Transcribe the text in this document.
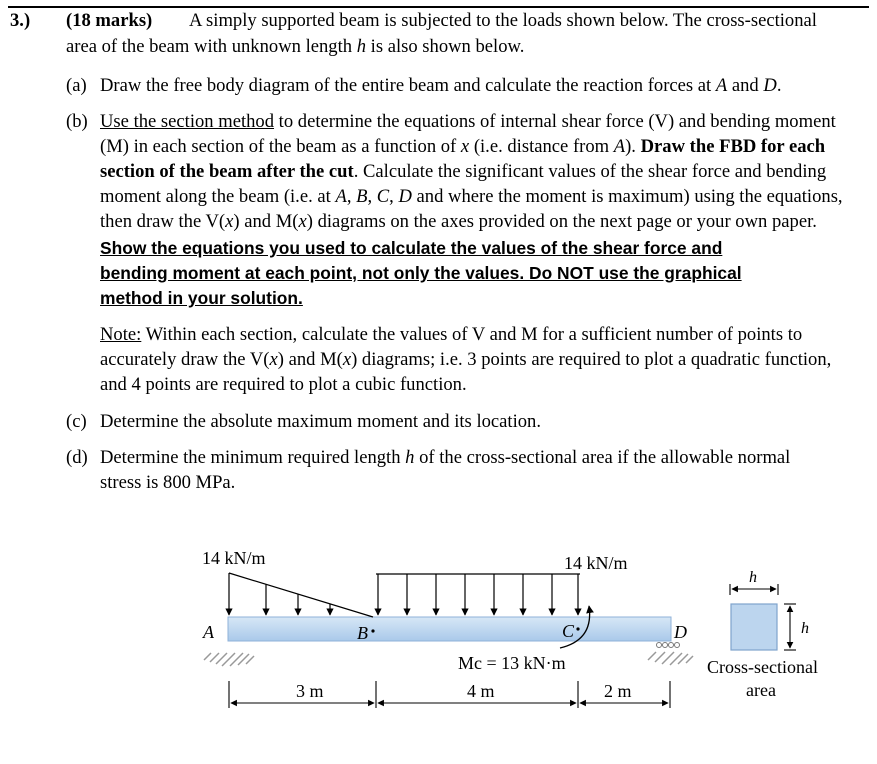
3.) (18 marks) A simply supported beam is subjected to the loads shown below. The cross-sectional
area of the beam with unknown length h is also shown below.
(a) Draw the free body diagram of the entire beam and calculate the reaction forces at A and D.
(b) Use the section method to determine the equations of internal shear force (V) and bending moment
(M) in each section of the beam as a function of x (i.e. distance from A). Draw the FBD for each
section of the beam after the cut. Calculate the significant values of the shear force and bending
moment along the beam (i.e. at A, B, C, D and where the moment is maximum) using the equations,
then draw the V(x) and M(x) diagrams on the axes provided on the next page or your own paper.
Show the equations you used to calculate the values of the shear force and
bending moment at each point, not only the values. Do NOT use the graphical
method in your solution.
Note: Within each section, calculate the values of V and M for a sufficient number of points to
accurately draw the V(x) and M(x) diagrams; i.e. 3 points are required to plot a quadratic function,
and 4 points are required to plot a cubic function.
(c) Determine the absolute maximum moment and its location.
(d) Determine the minimum required length h of the cross-sectional area if the allowable normal
stress is 800 MPa.
14 kN/m	14 kN/m
A	B	C	D
Mc = 13 kN·m
3 m	4 m	2 m
h
h
Cross-sectional
area
